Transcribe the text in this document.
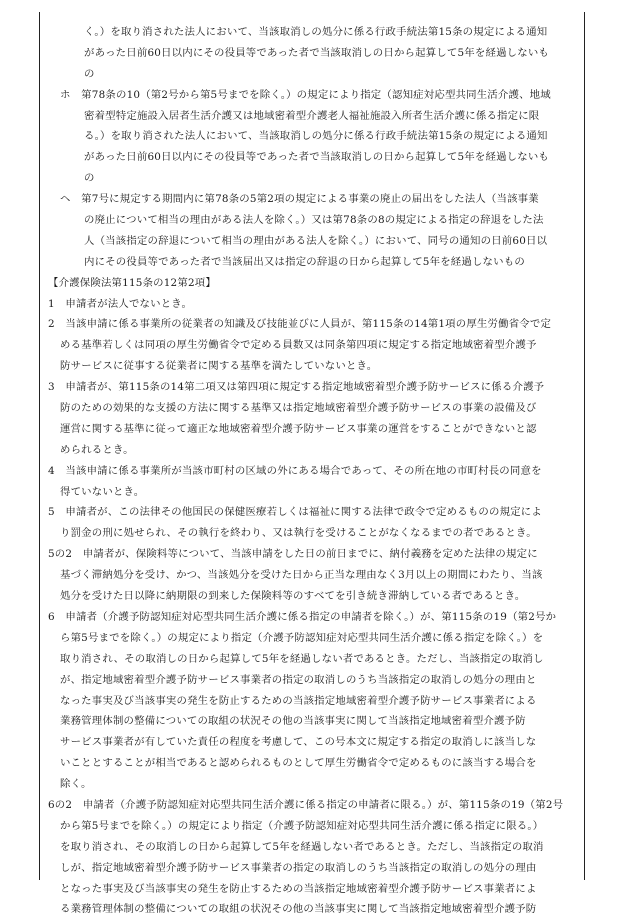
く。）を取り消された法人において、当該取消しの処分に係る行政手続法第15条の規定による通知
があった日前60日以内にその役員等であった者で当該取消しの日から起算して5年を経過しないも
の
ホ　第78条の10（第2号から第5号までを除く。）の規定により指定（認知症対応型共同生活介護、地域
密着型特定施設入居者生活介護又は地域密着型介護老人福祉施設入所者生活介護に係る指定に限
る。）を取り消された法人において、当該取消しの処分に係る行政手続法第15条の規定による通知
があった日前60日以内にその役員等であった者で当該取消しの日から起算して5年を経過しないも
の
ヘ　第7号に規定する期間内に第78条の5第2項の規定による事業の廃止の届出をした法人（当該事業
の廃止について相当の理由がある法人を除く。）又は第78条の8の規定による指定の辞退をした法
人（当該指定の辞退について相当の理由がある法人を除く。）において、同号の通知の日前60日以
内にその役員等であった者で当該届出又は指定の辞退の日から起算して5年を経過しないもの
【介護保険法第115条の12第2項】
1　申請者が法人でないとき。
2　当該申請に係る事業所の従業者の知識及び技能並びに人員が、第115条の14第1項の厚生労働省令で定
める基準若しくは同項の厚生労働省令で定める員数又は同条第四項に規定する指定地域密着型介護予
防サービスに従事する従業者に関する基準を満たしていないとき。
3　申請者が、第115条の14第二項又は第四項に規定する指定地域密着型介護予防サービスに係る介護予
防のための効果的な支援の方法に関する基準又は指定地域密着型介護予防サービスの事業の設備及び
運営に関する基準に従って適正な地域密着型介護予防サービス事業の運営をすることができないと認
められるとき。
4　当該申請に係る事業所が当該市町村の区域の外にある場合であって、その所在地の市町村長の同意を
得ていないとき。
5　申請者が、この法律その他国民の保健医療若しくは福祉に関する法律で政令で定めるものの規定によ
り罰金の刑に処せられ、その執行を終わり、又は執行を受けることがなくなるまでの者であるとき。
5の2　申請者が、保険料等について、当該申請をした日の前日までに、納付義務を定めた法律の規定に
基づく滞納処分を受け、かつ、当該処分を受けた日から正当な理由なく3月以上の期間にわたり、当該
処分を受けた日以降に納期限の到来した保険料等のすべてを引き続き滞納している者であるとき。
6　申請者（介護予防認知症対応型共同生活介護に係る指定の申請者を除く。）が、第115条の19（第2号か
ら第5号までを除く。）の規定により指定（介護予防認知症対応型共同生活介護に係る指定を除く。）を
取り消され、その取消しの日から起算して5年を経過しない者であるとき。ただし、当該指定の取消し
が、指定地域密着型介護予防サービス事業者の指定の取消しのうち当該指定の取消しの処分の理由と
なった事実及び当該事実の発生を防止するための当該指定地域密着型介護予防サービス事業者による
業務管理体制の整備についての取組の状況その他の当該事実に関して当該指定地域密着型介護予防
サービス事業者が有していた責任の程度を考慮して、この号本文に規定する指定の取消しに該当しな
いこととすることが相当であると認められるものとして厚生労働省令で定めるものに該当する場合を
除く。
6の2　申請者（介護予防認知症対応型共同生活介護に係る指定の申請者に限る。）が、第115条の19（第2号
から第5号までを除く。）の規定により指定（介護予防認知症対応型共同生活介護に係る指定に限る。）
を取り消され、その取消しの日から起算して5年を経過しない者であるとき。ただし、当該指定の取消
しが、指定地域密着型介護予防サービス事業者の指定の取消しのうち当該指定の取消しの処分の理由
となった事実及び当該事実の発生を防止するための当該指定地域密着型介護予防サービス事業者によ
る業務管理体制の整備についての取組の状況その他の当該事実に関して当該指定地域密着型介護予防
